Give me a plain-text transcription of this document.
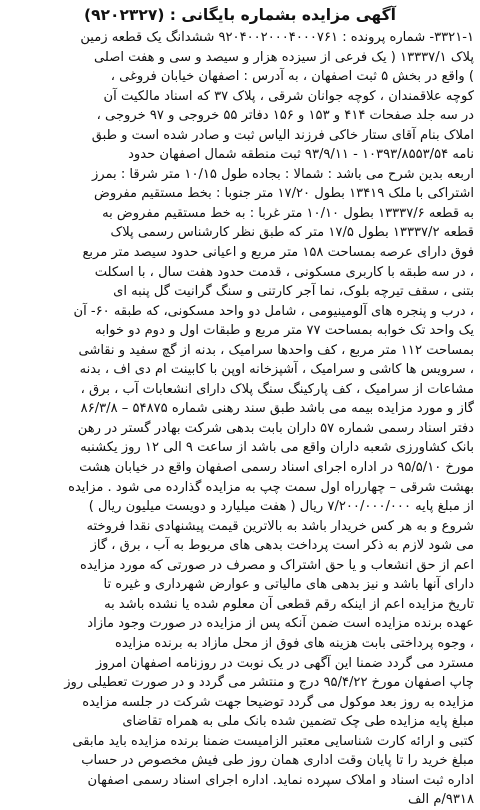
آگهی مزایده بشماره بایگانی : (۹۲۰۲۳۲۷)
۳۳۲۱-۱- شماره پرونده : ۹۲۰۴۰۰۲۰۰۰۴۰۰۰۷۶۱ ششدانگ یک قطعه زمین
پلاک ۱۳۳۳۷/۱ ( یک فرعی از سیزده هزار و سیصد و سی و هفت اصلی
) واقع در بخش ۵ ثبت اصفهان ، به آدرس : اصفهان خیابان فروغی ،
کوچه علاقمندان ، کوچه جوانان شرقی ، پلاک ۳۷ که اسناد مالکیت آن
در سه جلد صفحات ۴۱۴ و ۱۵۳ و ۱۵۶ دفاتر ۵۵ خروجی و ۹۷ خروجی ،
املاک بنام آقای ستار خاکی فرزند الیاس ثبت و صادر شده است و طبق
نامه ۱۰۳۹۳/۸۵۵۳/۵۴ - ۹۳/۹/۱۱ ثبت منطقه شمال اصفهان حدود
اربعه بدین شرح می باشد : شمالا : بجاده طول ۱۰/۱۵ متر شرقا : بمرز
اشتراکی با ملک ۱۳۴۱۹ بطول ۱۷/۲۰ متر جنوبا : بخط مستقیم مفروض
به قطعه ۱۳۳۳۷/۶ بطول ۱۰/۱۰ متر غربا : به خط مستقیم مفروض به
قطعه ۱۳۳۳۷/۲ بطول ۱۷/۵ متر که طبق نظر کارشناس رسمی پلاک
فوق دارای عرصه بمساحت ۱۵۸ متر مربع و اعیانی حدود سیصد متر مربع
، در سه طبقه با کاربری مسکونی ، قدمت حدود هفت سال ، با اسکلت
بتنی ، سقف تیرچه بلوک، نما آجر کارتنی و سنگ گرانیت گل پنبه ای
، درب و پنجره های آلومینیومی ، شامل دو واحد مسکونی، که طبقه ۶۰- آن
یک واحد تک خوابه بمساحت ۷۷ متر مربع و طبقات اول و دوم دو خوابه
بمساحت ۱۱۲ متر مربع ، کف واحدها سرامیک ، بدنه از گچ سفید و نقاشی
، سرویس ها کاشی و سرامیک ، آشپزخانه اوپن با کابینت ام دی اف ، بدنه
مشاعات از سرامیک ، کف پارکینگ سنگ پلاک دارای انشعابات آب ، برق ،
گاز و مورد مزایده بیمه می باشد طبق سند رهنی شماره ۵۴۸۷۵ – ۸۶/۳/۸
دفتر اسناد رسمی شماره ۵۷ داران بابت بدهی شرکت بهادر گستر در رهن
بانک کشاورزی شعبه داران واقع می باشد از ساعت ۹ الی ۱۲ روز یکشنبه
مورخ ۹۵/۵/۱۰ در اداره اجرای اسناد رسمی اصفهان واقع در خیابان هشت
بهشت شرقی – چهارراه اول سمت چپ به مزایده گذارده می شود . مزایده
از مبلغ پایه ۷/۲۰۰/۰۰۰/۰۰۰ ریال ( هفت میلیارد و دویست میلیون ریال )
شروع و به هر کس خریدار باشد به بالاترین قیمت پیشنهادی نقدا فروخته
می شود لازم به ذکر است پرداخت بدهی های مربوط به آب ، برق ، گاز
اعم از حق انشعاب و یا حق اشتراک و مصرف در صورتی که مورد مزایده
دارای آنها باشد و نیز بدهی های مالیاتی و عوارض شهرداری و غیره تا
تاریخ مزایده اعم از اینکه رقم قطعی آن معلوم شده یا نشده باشد به
عهده برنده مزایده است ضمن آنکه پس از مزایده در صورت وجود مازاد
، وجوه پرداختی بابت هزینه های فوق از محل مازاد به برنده مزایده
مسترد می گردد ضمنا این آگهی در یک نوبت در روزنامه اصفهان امروز
چاپ اصفهان مورخ ۹۵/۴/۲۲ درج و منتشر می گردد و در صورت تعطیلی روز
مزایده به روز بعد موکول می گردد توضیحا جهت شرکت در جلسه مزایده
مبلغ پایه مزایده طی چک تضمین شده بانک ملی به همراه تقاضای
کتبی و ارائه کارت شناسایی معتبر الزامیست ضمنا برنده مزایده باید مابقی
مبلغ خرید را تا پایان وقت اداری همان روز طی فیش مخصوص در حساب
اداره ثبت اسناد و املاک سپرده نماید. اداره اجرای اسناد رسمی اصفهان
۹۳۱۸/م الف
